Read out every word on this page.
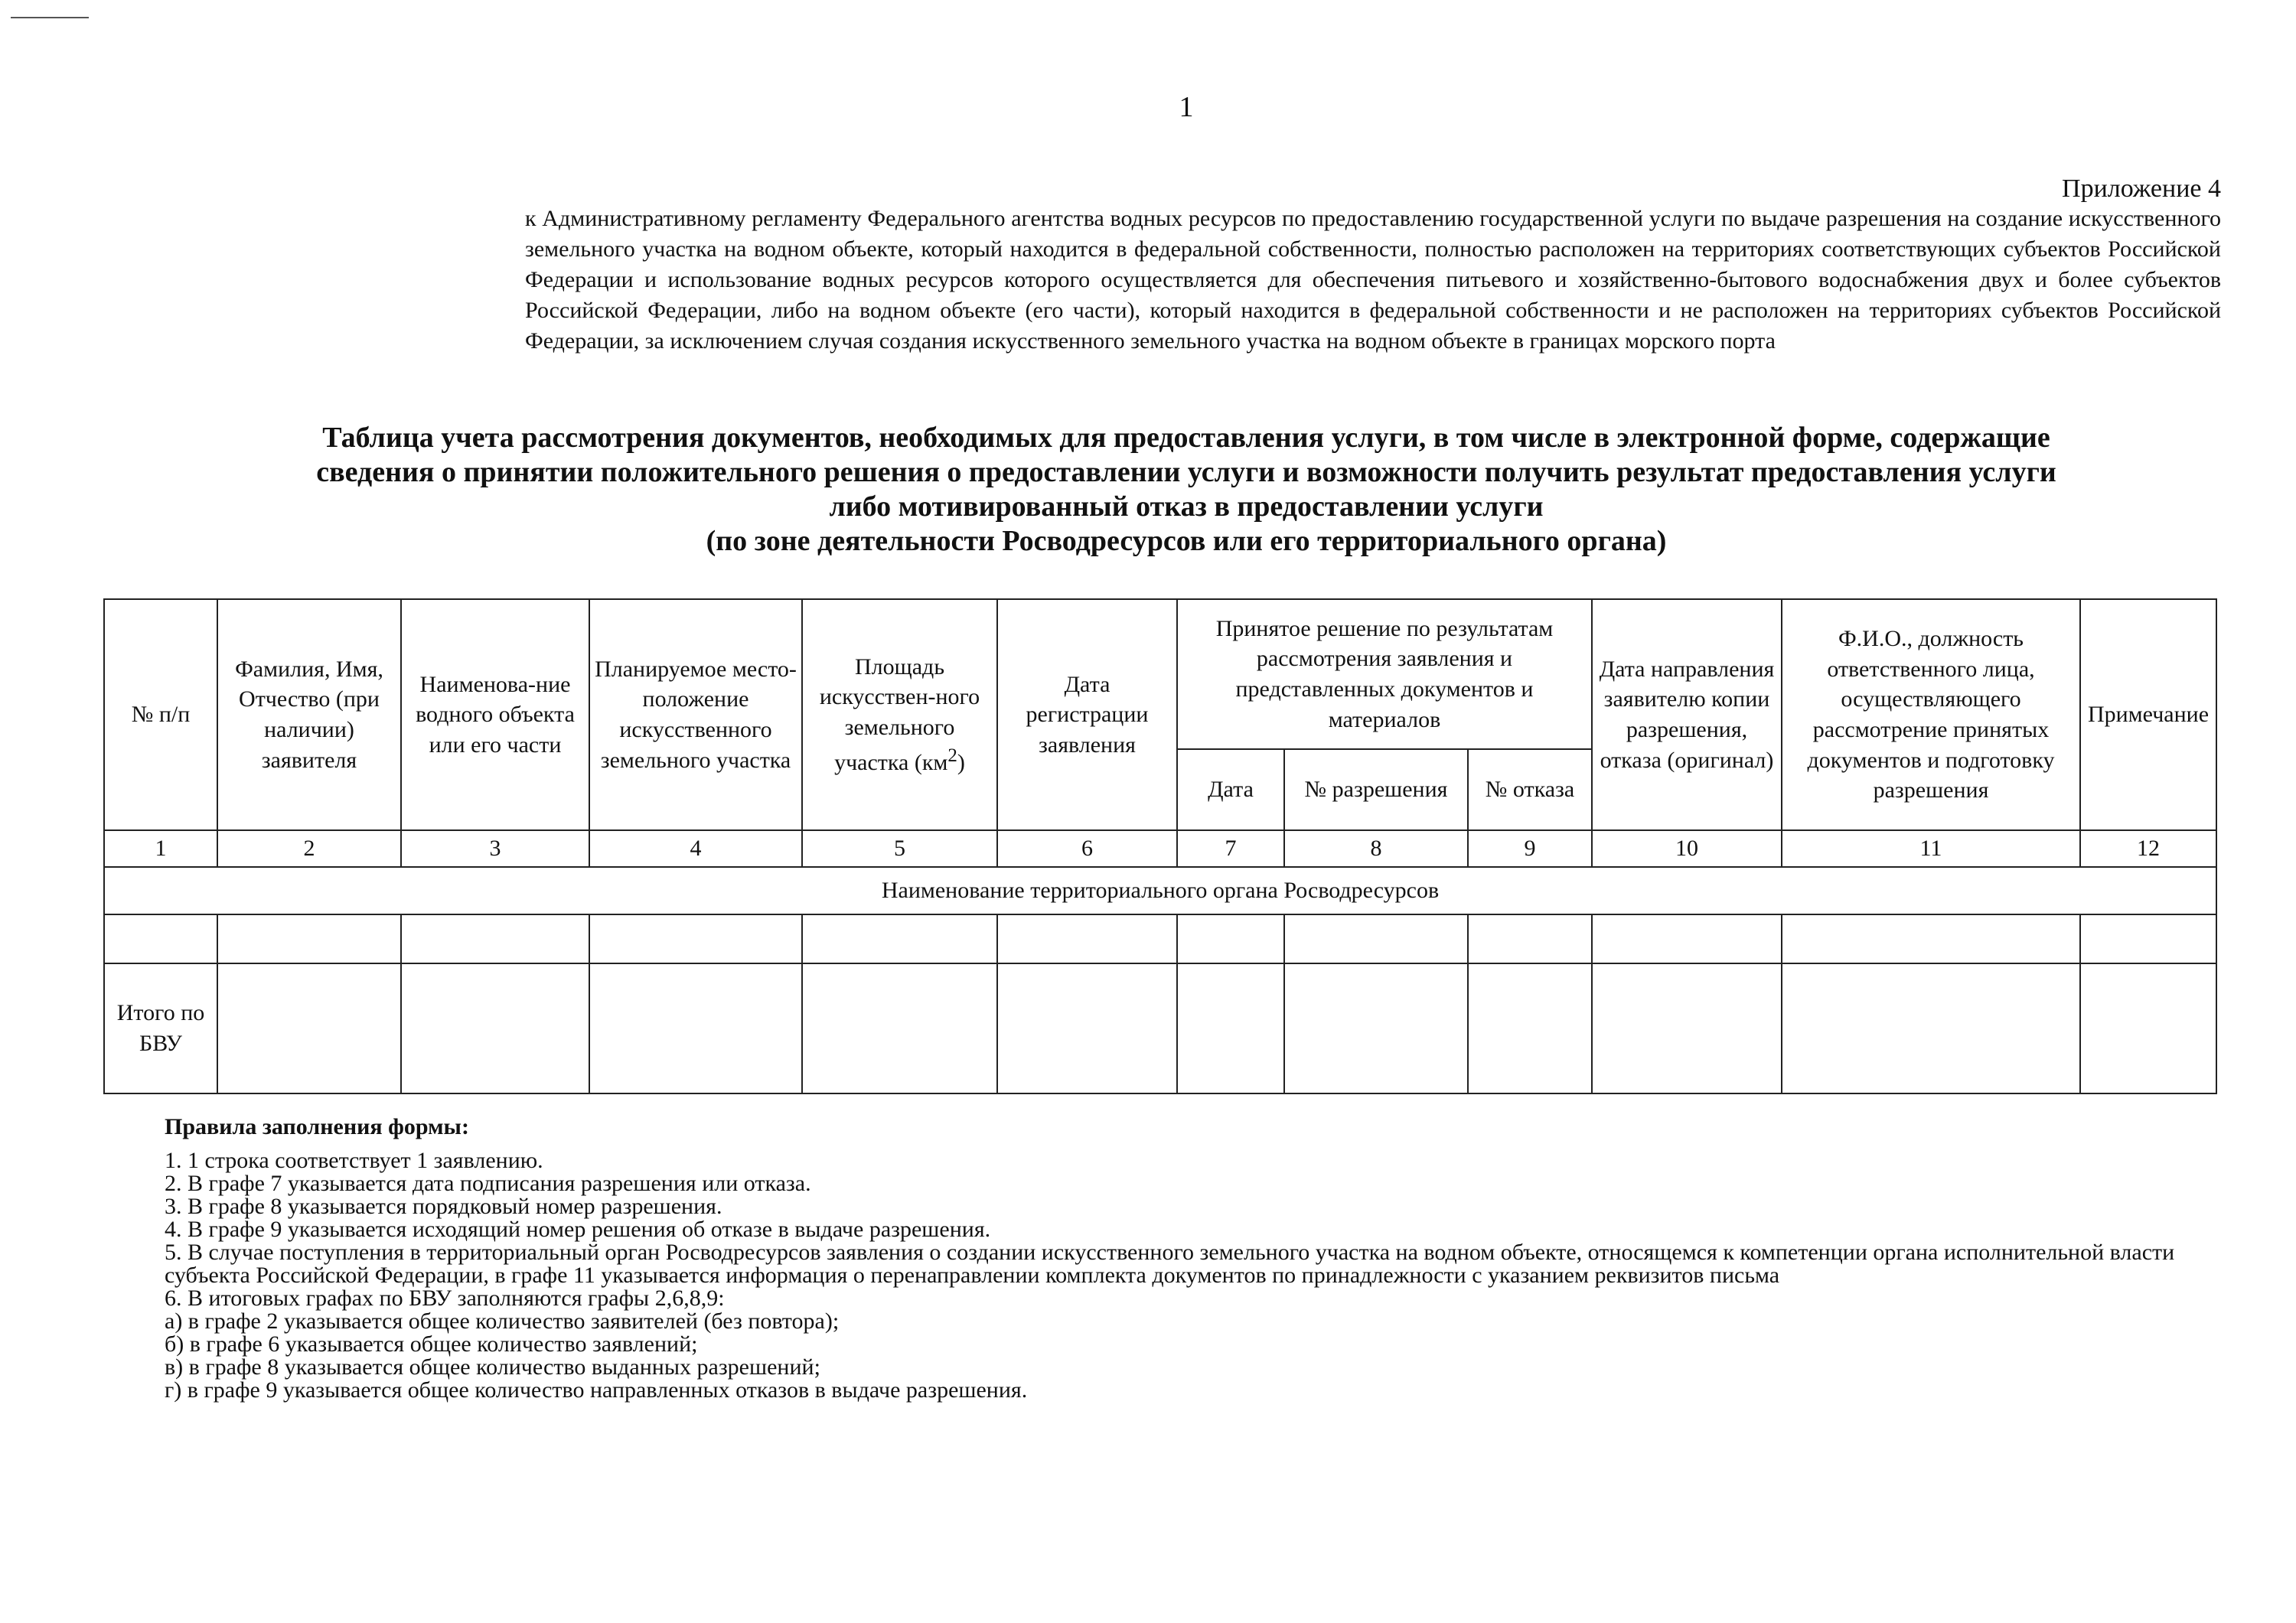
1
Приложение 4

к Административному регламенту Федерального агентства водных ресурсов по предоставлению государственной услуги по выдаче разрешения на создание искусственного земельного участка на водном объекте, который находится в федеральной собственности, полностью расположен на территориях соответствующих субъектов Российской Федерации и использование водных ресурсов которого осуществляется для обеспечения питьевого и хозяйственно-бытового водоснабжения двух и более субъектов Российской Федерации, либо на водном объекте (его части), который находится в федеральной собственности и не расположен на территориях субъектов Российской Федерации, за исключением случая создания искусственного земельного участка на водном объекте в границах морского порта

Таблица учета рассмотрения документов, необходимых для предоставления услуги, в том числе в электронной форме, содержащие
сведения о принятии положительного решения о предоставлении услуги и возможности получить результат предоставления услуги
либо мотивированный отказ в предоставлении услуги
(по зоне деятельности Росводресурсов или его территориального органа)
№ п/п	Фамилия, Имя, Отчество (при наличии) заявителя	Наименова-ние водного объекта или его части	Планируемое место-положение искусственного земельного участка	Площадь искусствен-ного земельного участка $(км^2)$	Дата регистрации заявления	Принятое решение по результатам рассмотрения заявления и представленных документов и материалов			Дата направления заявителю копии разрешения, отказа (оригинал)	Ф.И.О., должность ответственного лица, осуществляющего рассмотрение принятых документов и подготовку разрешения	Примечание
						Дата	№ разрешения	№ отказа			
1	2	3	4	5	6	7	8	9	10	11	12
Наименование территориального органа Росводресурсов											

Итого по БВУ											
Правила заполнения формы:

1. 1 строка соответствует 1 заявлению.

2. В графе 7 указывается дата подписания разрешения или отказа.

3. В графе 8 указывается порядковый номер разрешения.

4. В графе 9 указывается исходящий номер решения об отказе в выдаче разрешения.

5. В случае поступления в территориальный орган Росводресурсов заявления о создании искусственного земельного участка на водном объекте, относящемся к компетенции органа исполнительной власти субъекта Российской Федерации, в графе 11 указывается информация о перенаправлении комплекта документов по принадлежности с указанием реквизитов письма

6. В итоговых графах по БВУ заполняются графы 2,6,8,9:

а) в графе 2 указывается общее количество заявителей (без повтора);

б) в графе 6 указывается общее количество заявлений;

в) в графе 8 указывается общее количество выданных разрешений;

г) в графе 9 указывается общее количество направленных отказов в выдаче разрешения.
